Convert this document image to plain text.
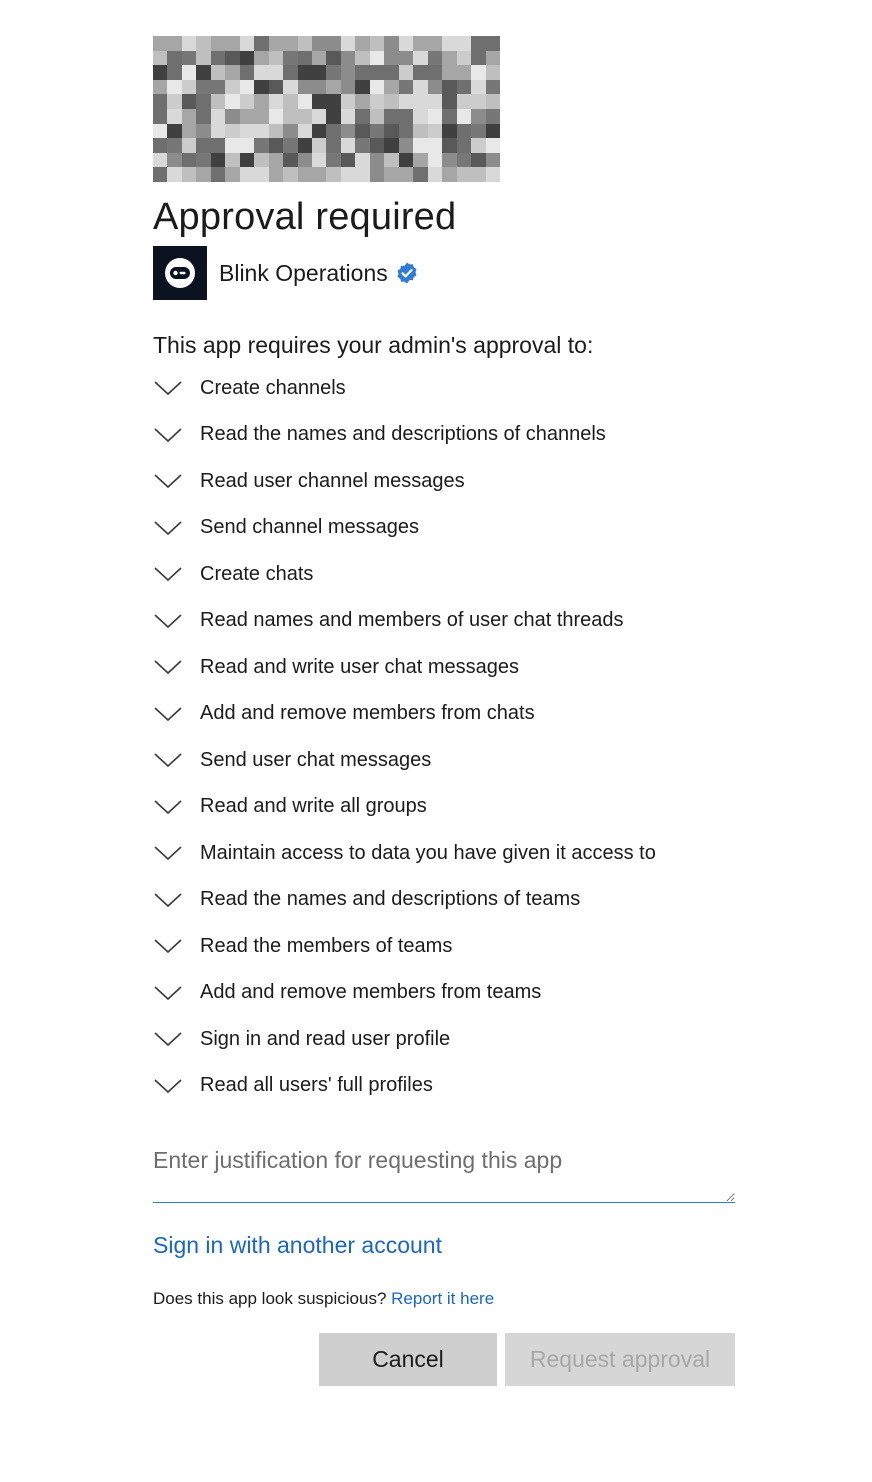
Approval required
Blink Operations
This app requires your admin's approval to:
Create channels
Read the names and descriptions of channels
Read user channel messages
Send channel messages
Create chats
Read names and members of user chat threads
Read and write user chat messages
Add and remove members from chats
Send user chat messages
Read and write all groups
Maintain access to data you have given it access to
Read the names and descriptions of teams
Read the members of teams
Add and remove members from teams
Sign in and read user profile
Read all users' full profiles
Enter justification for requesting this app
Sign in with another account
Does this app look suspicious? Report it here
Cancel	Request approval
